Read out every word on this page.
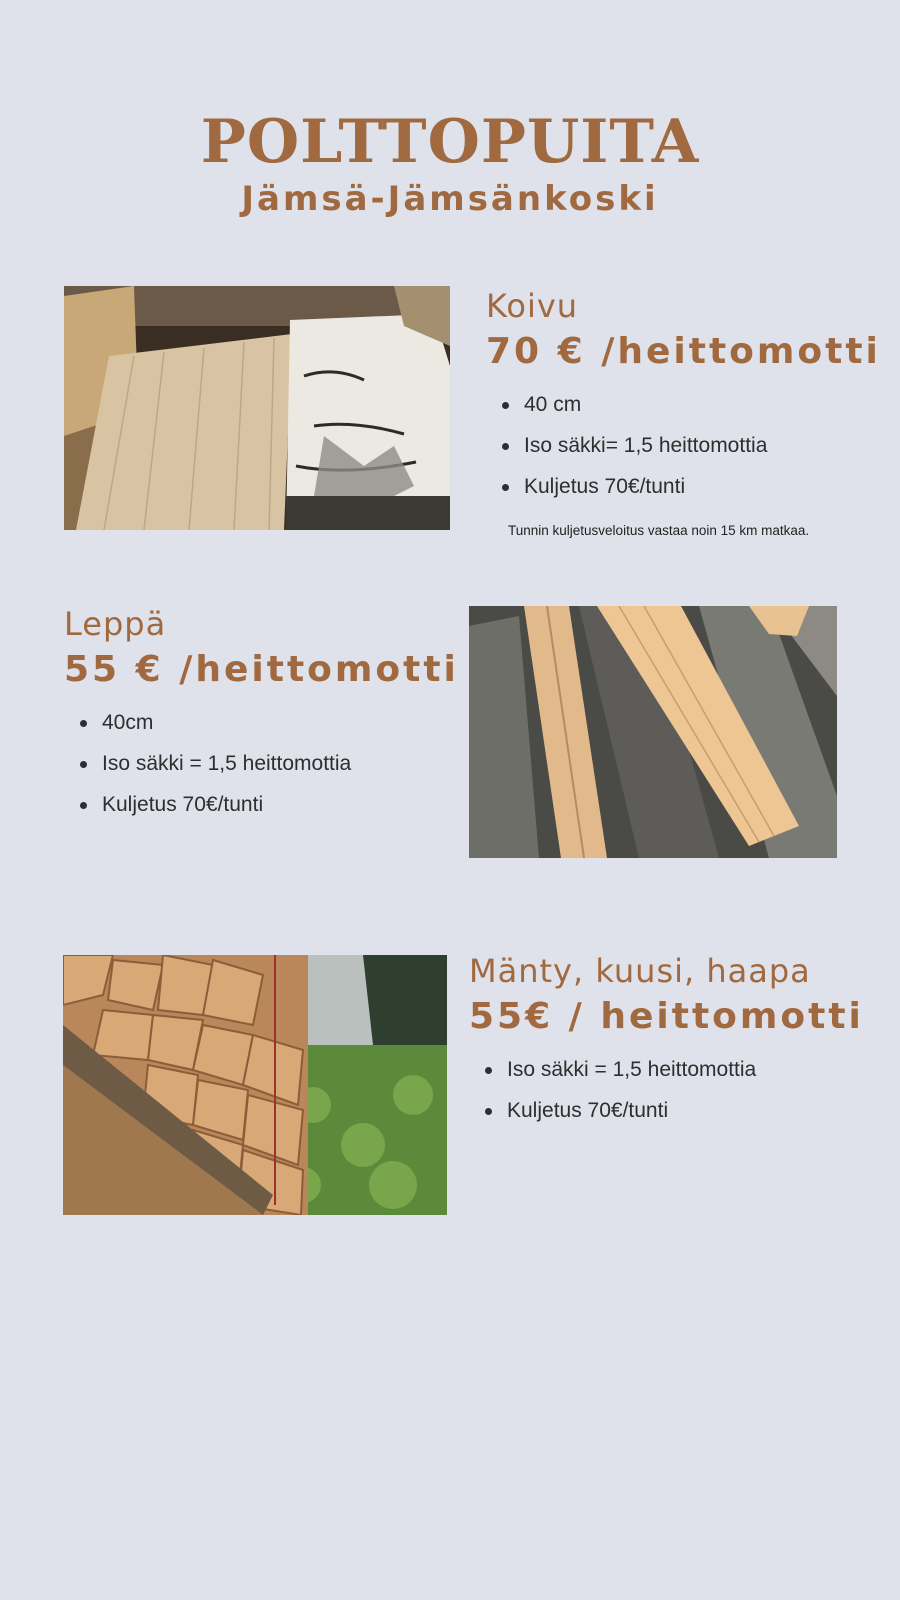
POLTTOPUITA
Jämsä-Jämsänkoski
Koivu
70 € /heittomotti
40 cm
Iso säkki= 1,5 heittomottia
Kuljetus 70€/tunti
Tunnin kuljetusveloitus vastaa noin 15 km matkaa.
Leppä
55 € /heittomotti
40cm
Iso säkki = 1,5 heittomottia
Kuljetus 70€/tunti
Mänty, kuusi, haapa
55€ / heittomotti
Iso säkki = 1,5 heittomottia
Kuljetus 70€/tunti
